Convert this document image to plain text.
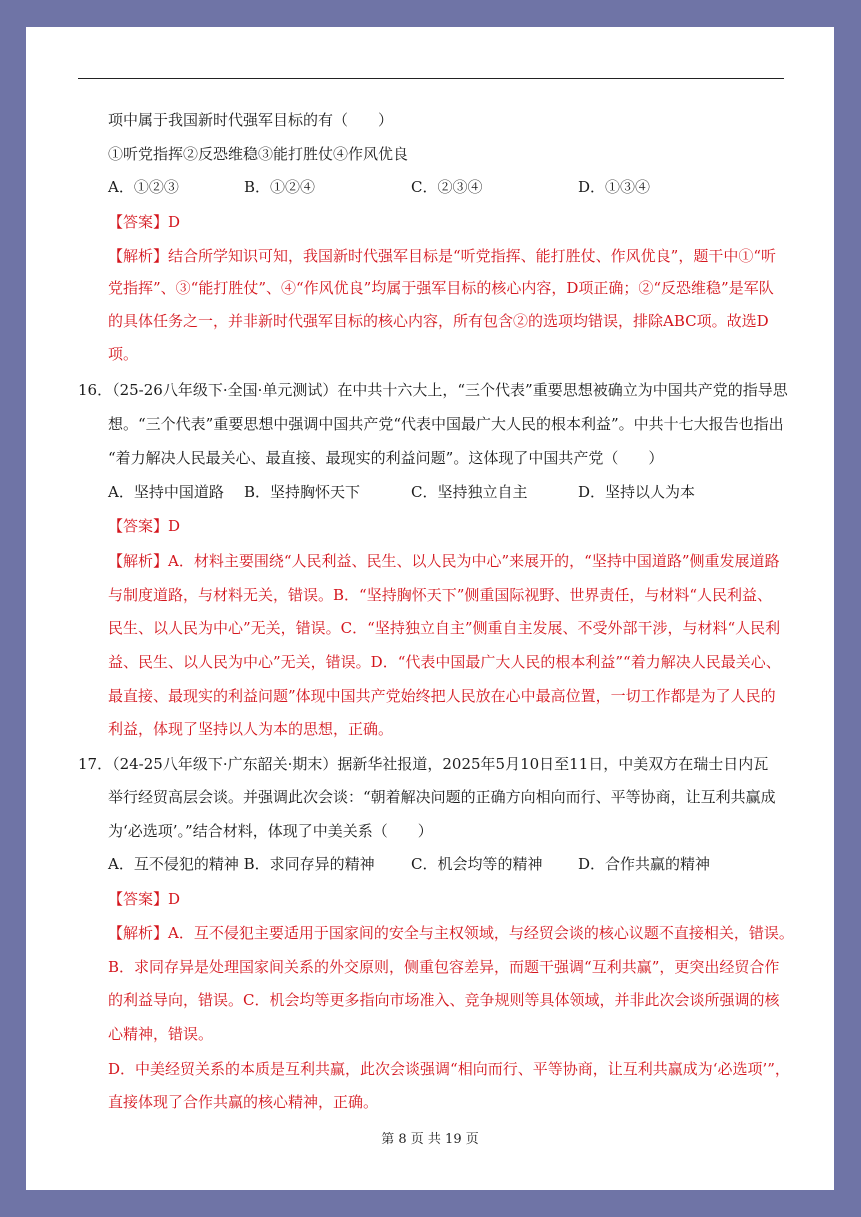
项中属于我国新时代强军目标的有（　　）
①听党指挥②反恐维稳③能打胜仗④作风优良
A．①②③	B．①②④	C．②③④	D．①③④
【答案】D
【解析】结合所学知识可知，我国新时代强军目标是“听党指挥、能打胜仗、作风优良”，题干中①“听
党指挥”、③“能打胜仗”、④“作风优良”均属于强军目标的核心内容，D项正确；②“反恐维稳”是军队
的具体任务之一，并非新时代强军目标的核心内容，所有包含②的选项均错误，排除ABC项。故选D
项。
16．（25-26八年级下·全国·单元测试）在中共十六大上，“三个代表”重要思想被确立为中国共产党的指导思
想。“三个代表”重要思想中强调中国共产党“代表中国最广大人民的根本利益”。中共十七大报告也指出
“着力解决人民最关心、最直接、最现实的利益问题”。这体现了中国共产党（　　）
A．坚持中国道路 B．坚持胸怀天下	C．坚持独立自主	D．坚持以人为本
【答案】D
【解析】A．材料主要围绕“人民利益、民生、以人民为中心”来展开的，“坚持中国道路”侧重发展道路
与制度道路，与材料无关，错误。B．“坚持胸怀天下”侧重国际视野、世界责任，与材料“人民利益、
民生、以人民为中心”无关，错误。C．“坚持独立自主”侧重自主发展、不受外部干涉，与材料“人民利
益、民生、以人民为中心”无关，错误。D．“代表中国最广大人民的根本利益”“着力解决人民最关心、
最直接、最现实的利益问题”体现中国共产党始终把人民放在心中最高位置，一切工作都是为了人民的
利益，体现了坚持以人为本的思想，正确。
17．（24-25八年级下·广东韶关·期末）据新华社报道，2025年5月10日至11日，中美双方在瑞士日内瓦
举行经贸高层会谈。并强调此次会谈：“朝着解决问题的正确方向相向而行、平等协商，让互利共赢成
为‘必选项’。”结合材料，体现了中美关系（　　）
A．互不侵犯的精神 B．求同存异的精神 C．机会均等的精神 D．合作共赢的精神
【答案】D
【解析】A．互不侵犯主要适用于国家间的安全与主权领域，与经贸会谈的核心议题不直接相关，错误。
B．求同存异是处理国家间关系的外交原则，侧重包容差异，而题干强调“互利共赢”，更突出经贸合作
的利益导向，错误。C．机会均等更多指向市场准入、竞争规则等具体领域，并非此次会谈所强调的核
心精神，错误。
D．中美经贸关系的本质是互利共赢，此次会谈强调“相向而行、平等协商，让互利共赢成为‘必选项’”，
直接体现了合作共赢的核心精神，正确。
第 8 页 共 19 页
